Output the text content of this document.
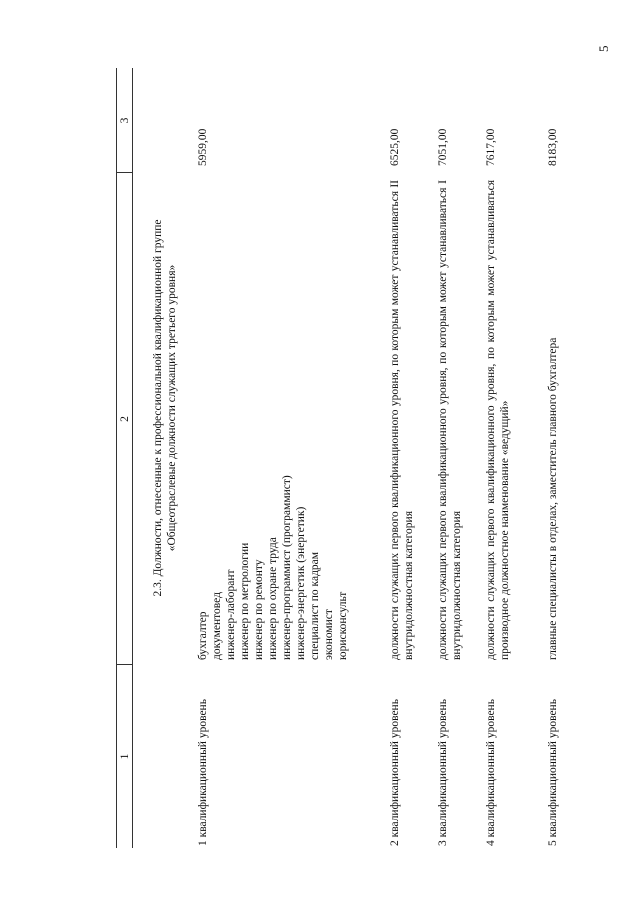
5
1
2
3
2.3. Должности, отнесенные к профессиональной квалификационной группе «Общеотраслевые должности служащих третьего уровня»
1 квалификационный уровень
бухгалтер документовед инженер-лаборант инженер по метрологии инженер по ремонту инженер по охране труда инженер-программист (программист) инженер-энергетик (энергетик) специалист по кадрам экономист юрисконсульт
5959,00
2 квалификационный уровень
должности служащих первого квалификационного уровня, по которым может устанавливаться II внутридолжностная категория
6525,00
3 квалификационный уровень
должности служащих первого квалификационного уровня, по которым может устанавливаться I внутридолжностная категория
7051,00
4 квалификационный уровень
должности служащих первого квалификационного уровня, по которым может устанавливаться производное должностное наименование «ведущий»
7617,00
5 квалификационный уровень
главные специалисты в отделах, заместитель главного бухгалтера
8183,00
